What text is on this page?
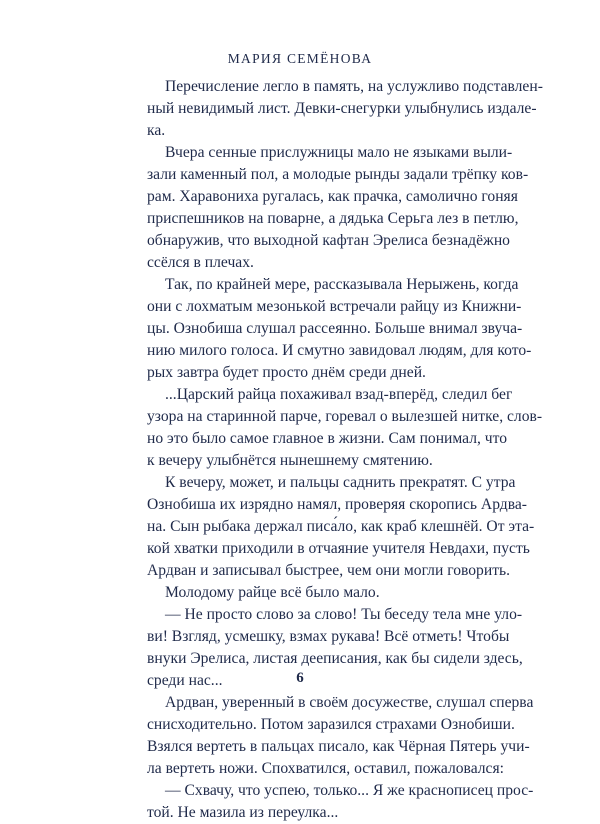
МАРИЯ СЕМЁНОВА
Перечисление легло в память, на услужливо подставлен-
ный невидимый лист. Девки-снегурки улыбнулись издале-
ка.
Вчера сенные прислужницы мало не языками выли-
зали каменный пол, а молодые рынды задали трёпку ков-
рам. Харавониха ругалась, как прачка, самолично гоняя
приспешников на поварне, а дядька Серьга лез в петлю,
обнаружив, что выходной кафтан Эрелиса безнадёжно
ссёлся в плечах.
Так, по крайней мере, рассказывала Нерыжень, когда
они с лохматым мезонькой встречали райцу из Книжни-
цы. Ознобиша слушал рассеянно. Больше внимал звуча-
нию милого голоса. И смутно завидовал людям, для кото-
рых завтра будет просто днём среди дней.
...Царский райца похаживал взад-вперёд, следил бег
узора на старинной парче, горевал о вылезшей нитке, слов-
но это было самое главное в жизни. Сам понимал, что
к вечеру улыбнётся нынешнему смятению.
К вечеру, может, и пальцы саднить прекратят. С утра
Ознобиша их изрядно намял, проверяя скоропись Ардва-
на. Сын рыбака держал писа́ло, как краб клешнёй. От эта-
кой хватки приходили в отчаяние учителя Невдахи, пусть
Ардван и записывал быстрее, чем они могли говорить.
Молодому райце всё было мало.
— Не просто слово за слово! Ты беседу тела мне уло-
ви! Взгляд, усмешку, взмах рукава! Всё отметь! Чтобы
внуки Эрелиса, листая дееписания, как бы сидели здесь,
среди нас...
Ардван, уверенный в своём досужестве, слушал сперва
снисходительно. Потом заразился страхами Ознобиши.
Взялся вертеть в пальцах писало, как Чёрная Пятерь учи-
ла вертеть ножи. Спохватился, оставил, пожаловался:
— Схвачу, что успею, только... Я же краснописец прос-
той. Не мазила из переулка...
6
